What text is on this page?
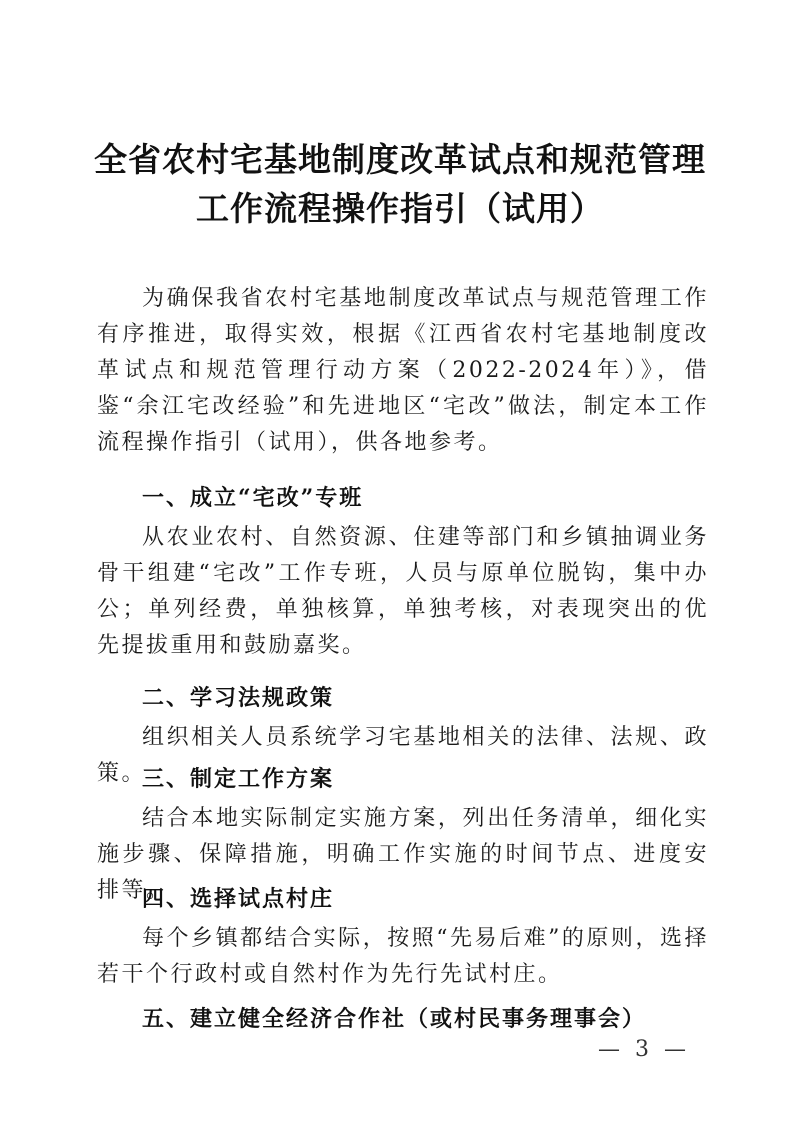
全省农村宅基地制度改革试点和规范管理
工作流程操作指引（试用）
为确保我省农村宅基地制度改革试点与规范管理工作有序推进，取得实效，根据《江西省农村宅基地制度改革试点和规范管理行动方案（2022-2024年）》，借鉴“余江宅改经验”和先进地区“宅改”做法，制定本工作流程操作指引（试用），供各地参考。
一、成立“宅改”专班
从农业农村、自然资源、住建等部门和乡镇抽调业务骨干组建“宅改”工作专班，人员与原单位脱钩，集中办公；单列经费，单独核算，单独考核，对表现突出的优先提拔重用和鼓励嘉奖。
二、学习法规政策
组织相关人员系统学习宅基地相关的法律、法规、政策。
三、制定工作方案
结合本地实际制定实施方案，列出任务清单，细化实施步骤、保障措施，明确工作实施的时间节点、进度安排等。
四、选择试点村庄
每个乡镇都结合实际，按照“先易后难”的原则，选择若干个行政村或自然村作为先行先试村庄。
五、建立健全经济合作社（或村民事务理事会）
— 3 —
